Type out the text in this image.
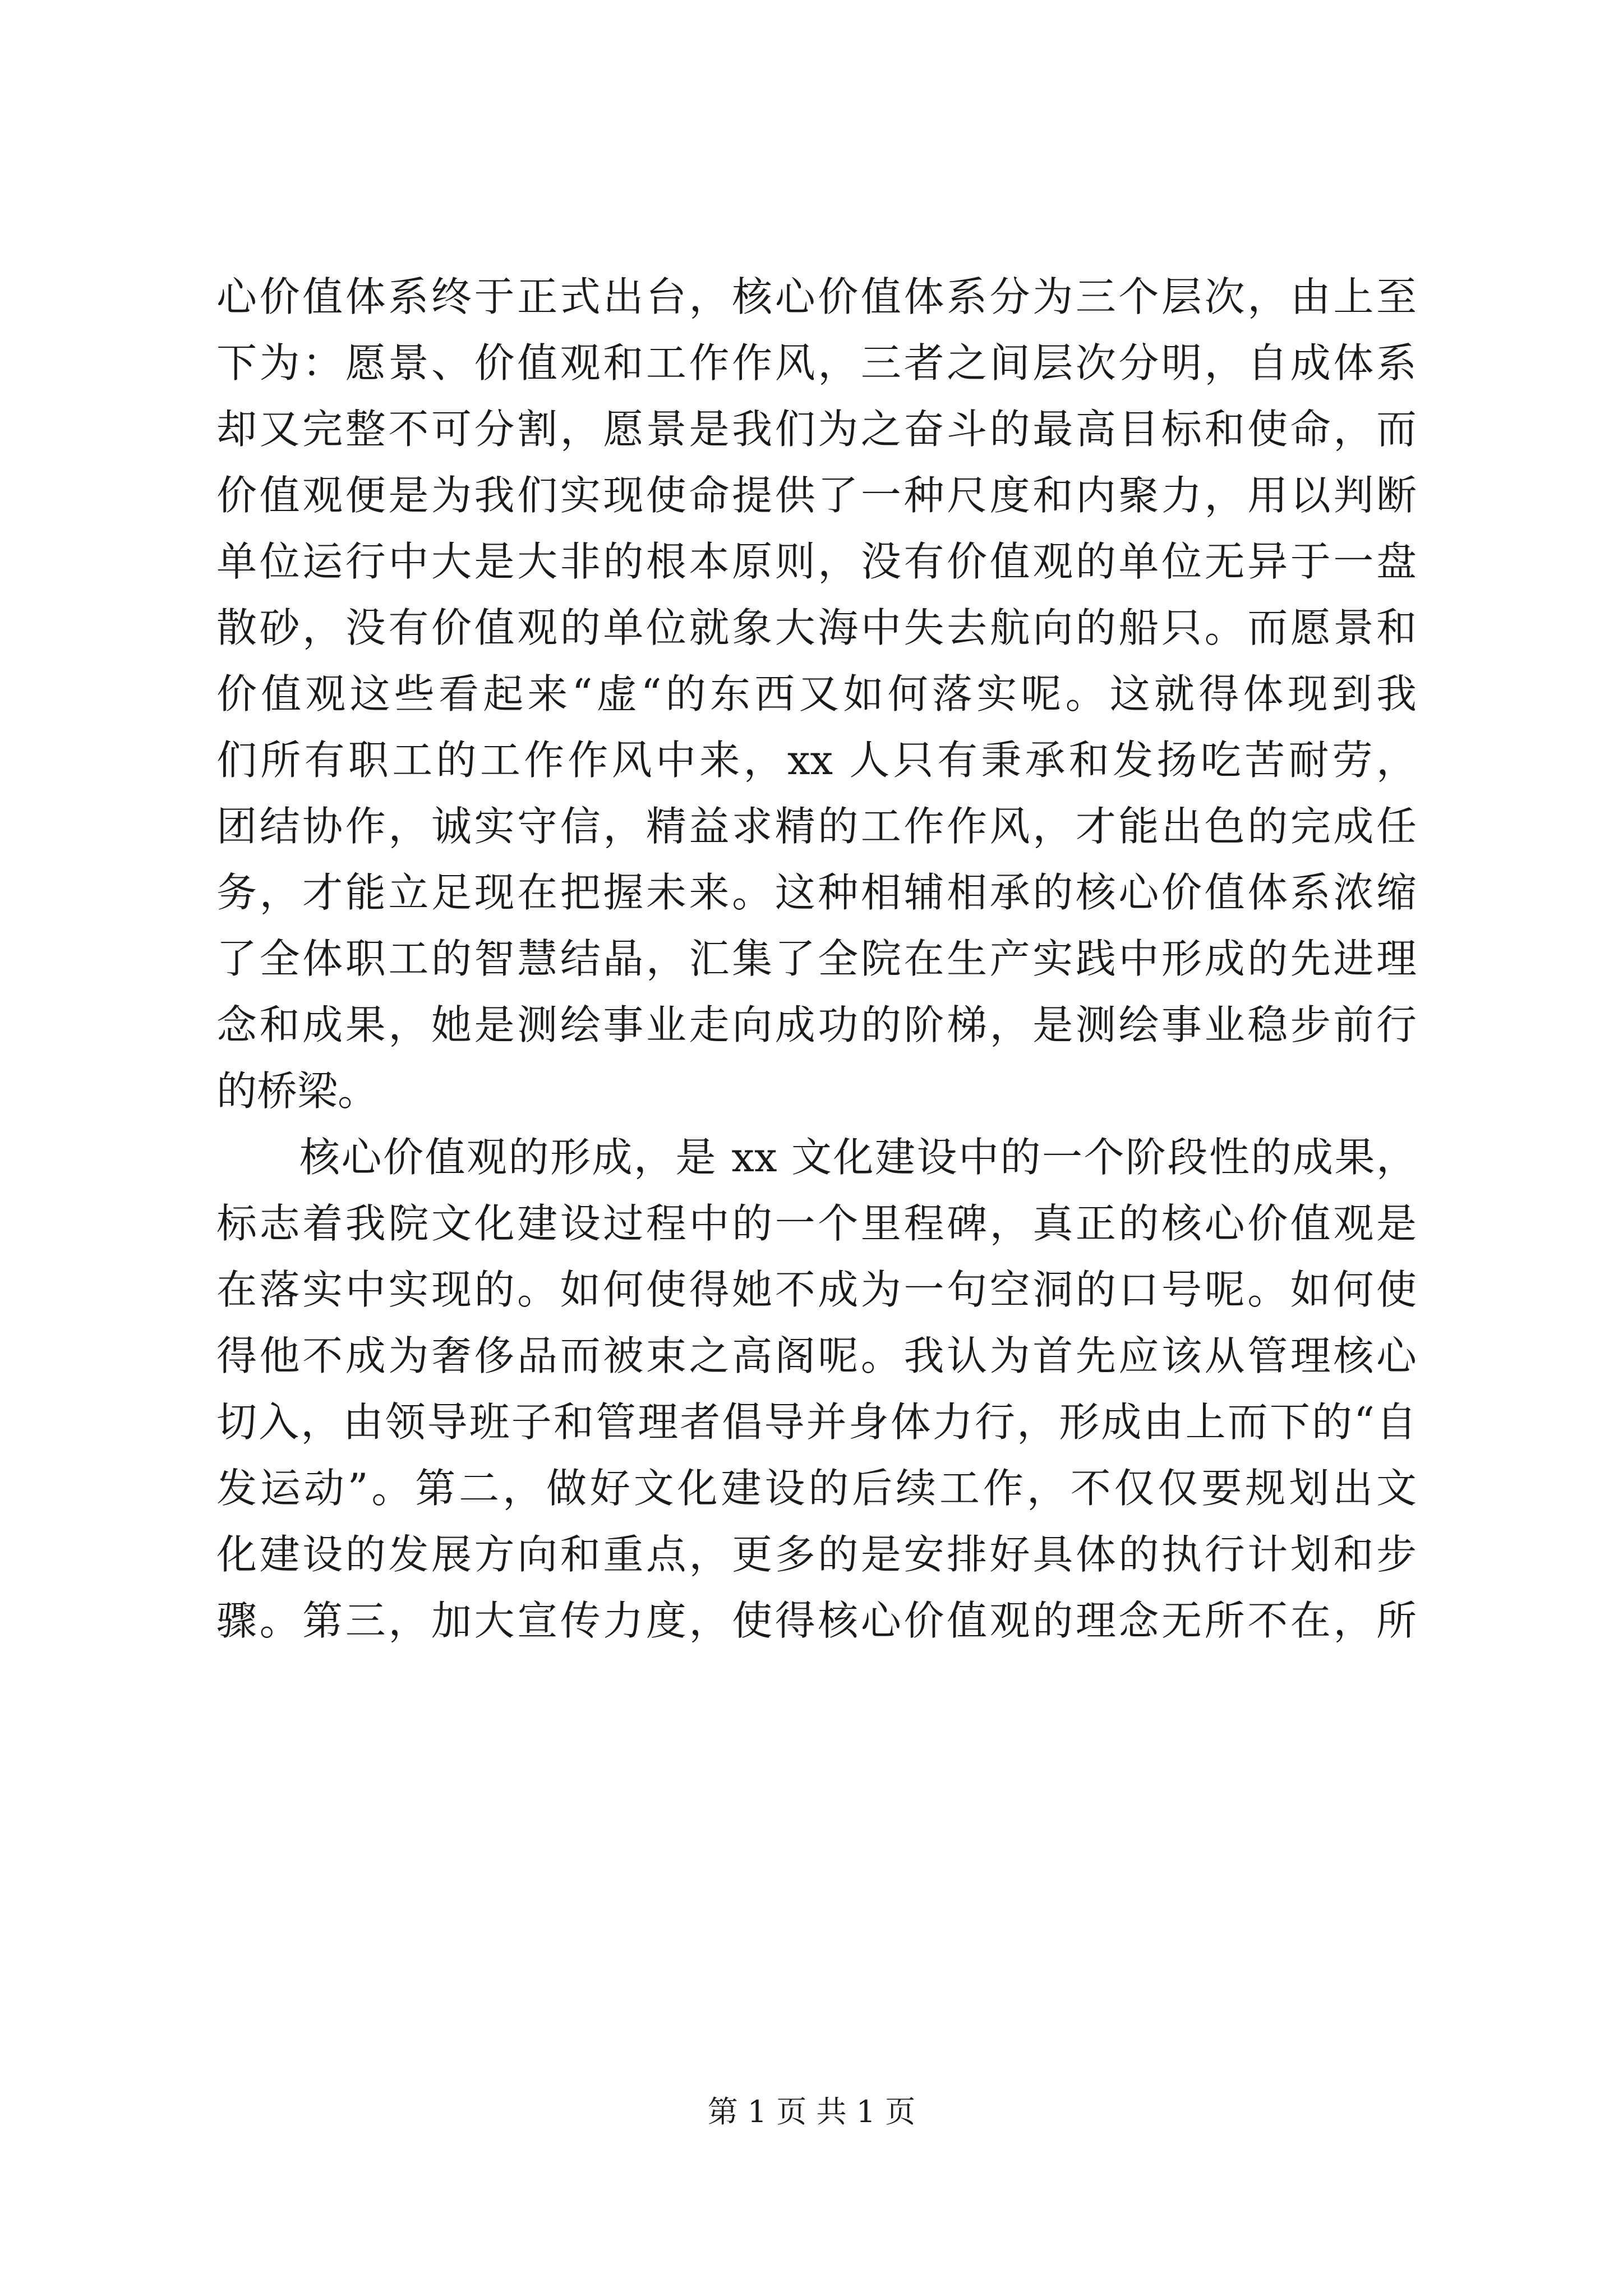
心价值体系终于正式出台，核心价值体系分为三个层次，由上至
下为：愿景、价值观和工作作风，三者之间层次分明，自成体系
却又完整不可分割，愿景是我们为之奋斗的最高目标和使命，而
价值观便是为我们实现使命提供了一种尺度和内聚力，用以判断
单位运行中大是大非的根本原则，没有价值观的单位无异于一盘
散砂，没有价值观的单位就象大海中失去航向的船只。而愿景和
价值观这些看起来“虚“的东西又如何落实呢。这就得体现到我
们所有职工的工作作风中来，xx 人只有秉承和发扬吃苦耐劳，
团结协作，诚实守信，精益求精的工作作风，才能出色的完成任
务，才能立足现在把握未来。这种相辅相承的核心价值体系浓缩
了全体职工的智慧结晶，汇集了全院在生产实践中形成的先进理
念和成果，她是测绘事业走向成功的阶梯，是测绘事业稳步前行
的桥梁。
核心价值观的形成，是 xx 文化建设中的一个阶段性的成果，
标志着我院文化建设过程中的一个里程碑，真正的核心价值观是
在落实中实现的。如何使得她不成为一句空洞的口号呢。如何使
得他不成为奢侈品而被束之高阁呢。我认为首先应该从管理核心
切入，由领导班子和管理者倡导并身体力行，形成由上而下的“自
发运动”。第二，做好文化建设的后续工作，不仅仅要规划出文
化建设的发展方向和重点，更多的是安排好具体的执行计划和步
骤。第三，加大宣传力度，使得核心价值观的理念无所不在，所
第 1 页 共 1 页
